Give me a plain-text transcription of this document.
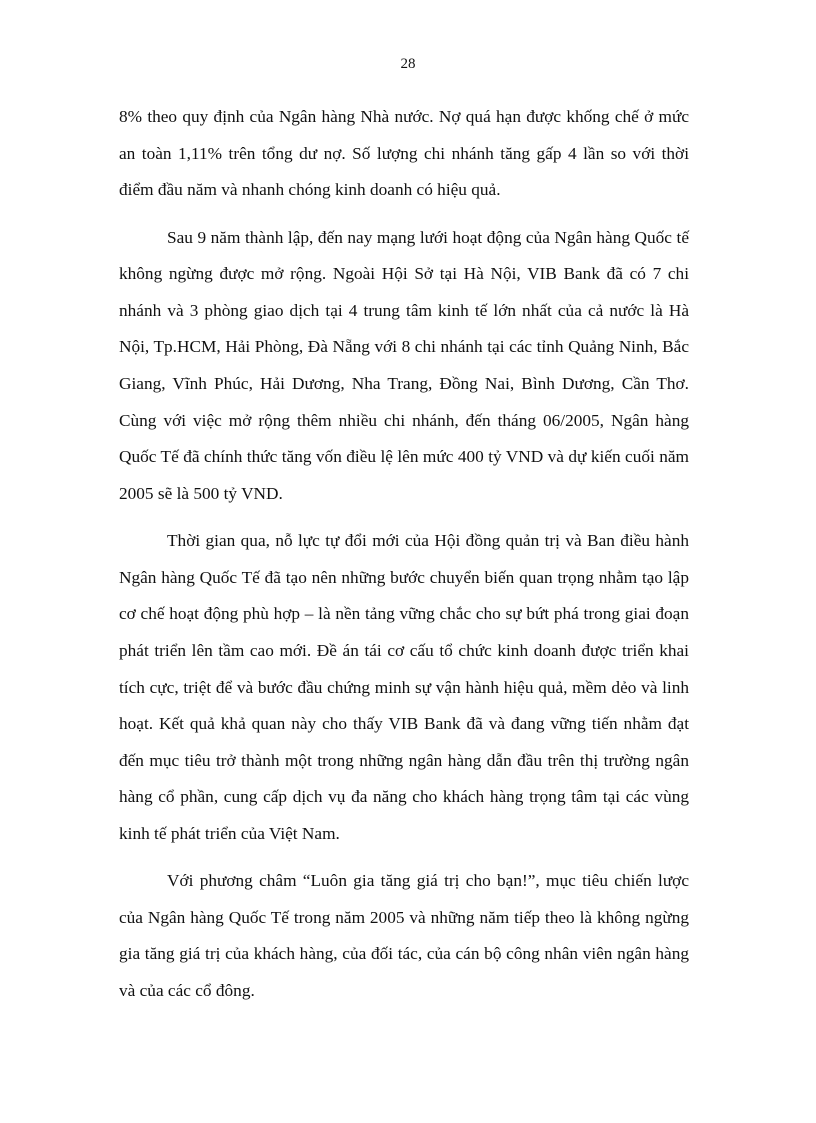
28

8% theo quy định của Ngân hàng Nhà nước. Nợ quá hạn được khống chế ở mức an toàn 1,11% trên tổng dư nợ. Số lượng chi nhánh tăng gấp 4 lần so với thời điểm đầu năm và nhanh chóng kinh doanh có hiệu quả.

Sau 9 năm thành lập, đến nay mạng lưới hoạt động của Ngân hàng Quốc tế không ngừng được mở rộng. Ngoài Hội Sở tại Hà Nội, VIB Bank đã có 7 chi nhánh và 3 phòng giao dịch tại 4 trung tâm kinh tế lớn nhất của cả nước là Hà Nội, Tp.HCM, Hải Phòng, Đà Nẵng với 8 chi nhánh tại các tỉnh Quảng Ninh, Bắc Giang, Vĩnh Phúc, Hải Dương, Nha Trang, Đồng Nai, Bình Dương, Cần Thơ. Cùng với việc mở rộng thêm nhiều chi nhánh, đến tháng 06/2005, Ngân hàng Quốc Tế đã chính thức tăng vốn điều lệ lên mức 400 tỷ VND và dự kiến cuối năm 2005 sẽ là 500 tỷ VND.

Thời gian qua, nỗ lực tự đổi mới của Hội đồng quản trị và Ban điều hành Ngân hàng Quốc Tế đã tạo nên những bước chuyển biến quan trọng nhằm tạo lập cơ chế hoạt động phù hợp – là nền tảng vững chắc cho sự bứt phá trong giai đoạn phát triển lên tầm cao mới. Đề án tái cơ cấu tổ chức kinh doanh được triển khai tích cực, triệt để và bước đầu chứng minh sự vận hành hiệu quả, mềm dẻo và linh hoạt. Kết quả khả quan này cho thấy VIB Bank đã và đang vững tiến nhằm đạt đến mục tiêu trở thành một trong những ngân hàng dẫn đầu trên thị trường ngân hàng cổ phần, cung cấp dịch vụ đa năng cho khách hàng trọng tâm tại các vùng kinh tế phát triển của Việt Nam.

Với phương châm “Luôn gia tăng giá trị cho bạn!”, mục tiêu chiến lược của Ngân hàng Quốc Tế trong năm 2005 và những năm tiếp theo là không ngừng gia tăng giá trị của khách hàng, của đối tác, của cán bộ công nhân viên ngân hàng và của các cổ đông.
